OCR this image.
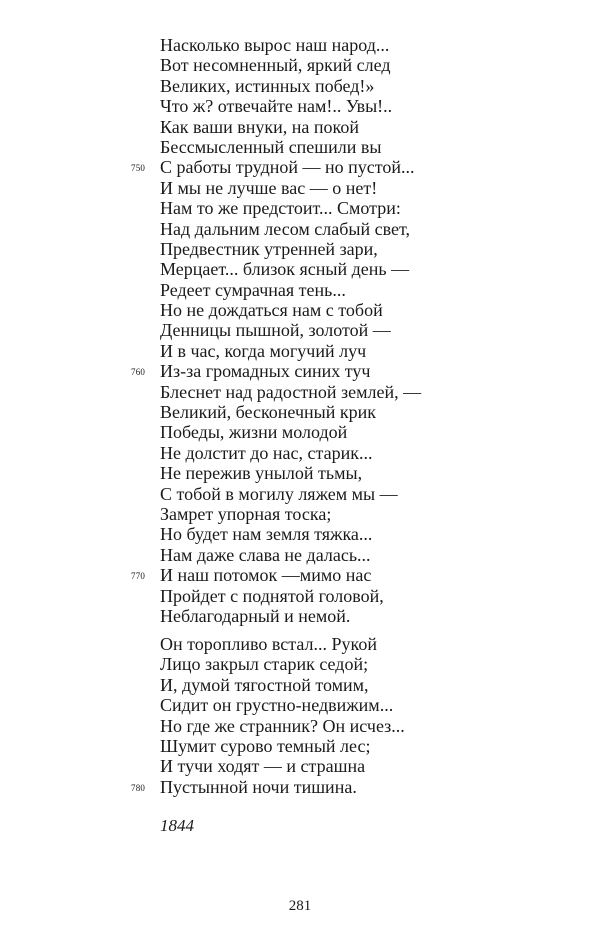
Насколько вырос наш народ...
Вот несомненный, яркий след
Великих, истинных побед!»
Что ж? отвечайте нам!.. Увы!..
Как ваши внуки, на покой
Бессмысленный спешили вы
750 С работы трудной — но пустой...
И мы не лучше вас — о нет!
Нам то же предстоит... Смотри:
Над дальним лесом слабый свет,
Предвестник утренней зари,
Мерцает... близок ясный день —
Редеет сумрачная тень...
Но не дождаться нам с тобой
Денницы пышной, золотой —
И в час, когда могучий луч
760 Из-за громадных синих туч
Блеснет над радостной землей, —
Великий, бесконечный крик
Победы, жизни молодой
Не долстит до нас, старик...
Не пережив унылой тьмы,
С тобой в могилу ляжем мы —
Замрет упорная тоска;
Но будет нам земля тяжка...
Нам даже слава не далась...
770 И наш потомок —мимо нас
Пройдет с поднятой головой,
Неблагодарный и немой.
Он торопливо встал... Рукой
Лицо закрыл старик седой;
И, думой тягостной томим,
Сидит он грустно-недвижим...
Но где же странник? Он исчез...
Шумит сурово темный лес;
И тучи ходят — и страшна
780 Пустынной ночи тишина.
1844
281
